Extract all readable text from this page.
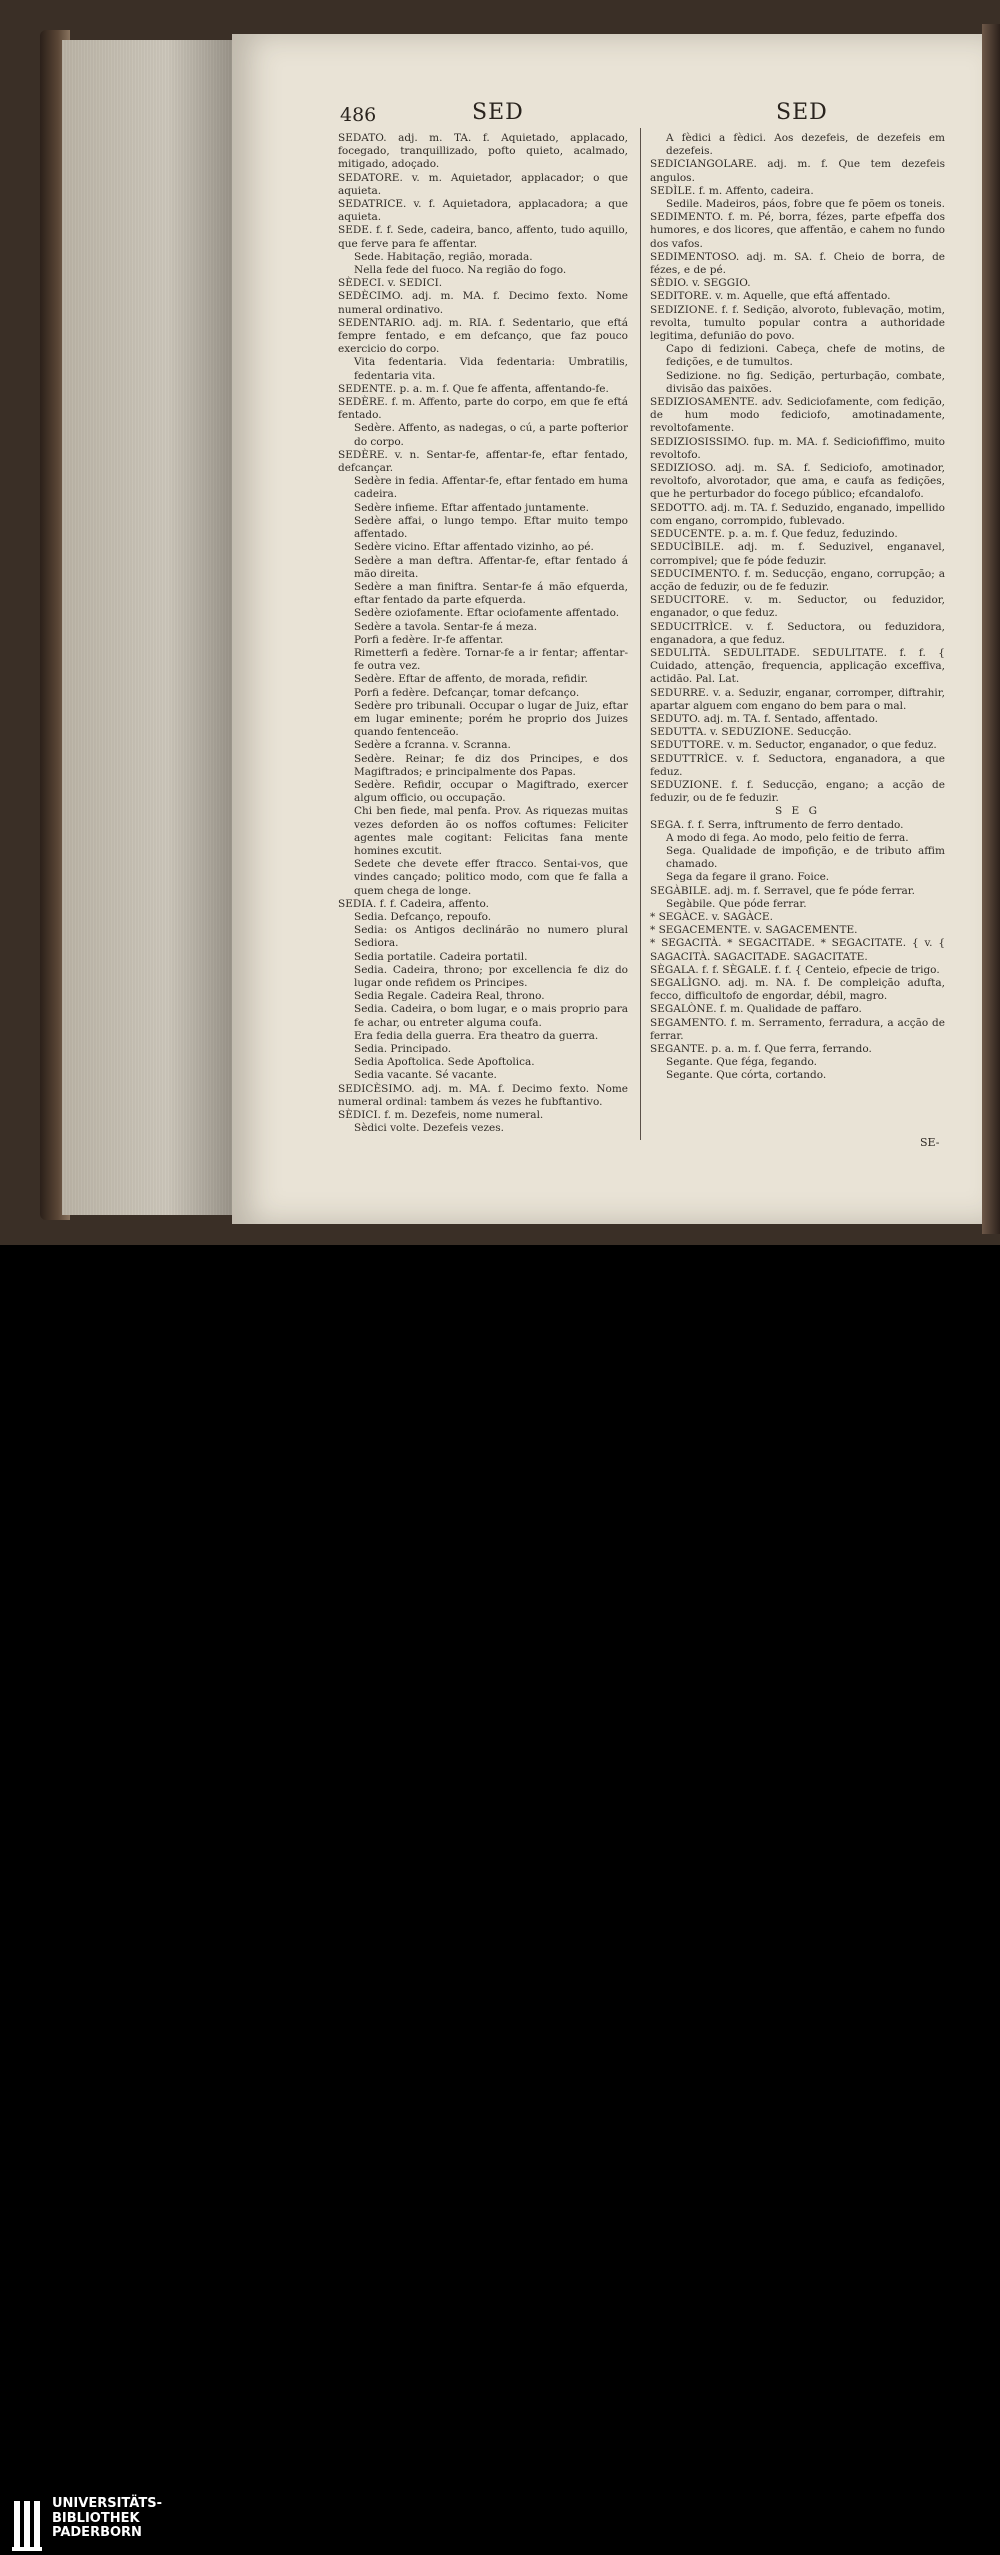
486	SED	SED

SEDATO. adj. m. TA. f. Aquietado, applacado, focegado, tranquillizado, pofto quieto, acalmado, mitigado, adoçado.

SEDATORE. v. m. Aquietador, applacador; o que aquieta.

SEDATRICE. v. f. Aquietadora, applacadora; a que aquieta.

SEDE. f. f. Sede, cadeira, banco, affento, tudo aquillo, que ferve para fe affentar.

Sede. Habitação, região, morada.

Nella fede del fuoco. Na região do fogo.

SÈDECI. v. SEDICI.

SEDÈCIMO. adj. m. MA. f. Decimo fexto. Nome numeral ordinativo.

SEDENTARIO. adj. m. RIA. f. Sedentario, que eftá fempre fentado, e em defcanço, que faz pouco exercicio do corpo.

Vita fedentaria. Vida fedentaria: Umbratilis, fedentaria vita.

SEDENTE. p. a. m. f. Que fe affenta, affentando-fe.

SEDÈRE. f. m. Affento, parte do corpo, em que fe eftá fentado.

Sedère. Affento, as nadegas, o cú, a parte pofterior do corpo.

SEDÈRE. v. n. Sentar-fe, affentar-fe, eftar fentado, defcançar.

Sedère in fedia. Affentar-fe, eftar fentado em huma cadeira.

Sedère infieme. Eftar affentado juntamente.

Sedère affai, o lungo tempo. Eftar muito tempo affentado.

Sedère vicino. Eftar affentado vizinho, ao pé.

Sedère a man deftra. Affentar-fe, eftar fentado á mão direita.

Sedère a man finiftra. Sentar-fe á mão efquerda, eftar fentado da parte efquerda.

Sedère oziofamente. Eftar ociofamente affentado.

Sedère a tavola. Sentar-fe á meza.

Porfi a fedère. Ir-fe affentar.

Rimetterfi a fedère. Tornar-fe a ir fentar; affentar-fe outra vez.

Sedère. Eftar de affento, de morada, refidir.

Porfi a fedère. Defcançar, tomar defcanço.

Sedère pro tribunali. Occupar o lugar de Juiz, eftar em lugar eminente; porém he proprio dos Juizes quando fentenceão.

Sedère a fcranna. v. Scranna.

Sedère. Reinar; fe diz dos Principes, e dos Magiftrados; e principalmente dos Papas.

Sedère. Refidir, occupar o Magiftrado, exercer algum officio, ou occupação.

Chi ben fiede, mal penfa. Prov. As riquezas muitas vezes deforden ão os noffos coftumes: Feliciter agentes male cogitant: Felicitas fana mente homines excutit.

Sedete che devete effer ftracco. Sentai-vos, que vindes cançado; politico modo, com que fe falla a quem chega de longe.

SEDIA. f. f. Cadeira, affento.

Sedia. Defcanço, repoufo.

Sedia: os Antigos declinárão no numero plural Sediora.

Sedia portatile. Cadeira portatil.

Sedia. Cadeira, throno; por excellencia fe diz do lugar onde refidem os Principes.

Sedia Regale. Cadeira Real, throno.

Sedia. Cadeira, o bom lugar, e o mais proprio para fe achar, ou entreter alguma coufa.

Era fedia della guerra. Era theatro da guerra.

Sedia. Principado.

Sedia Apoftolica. Sede Apoftolica.

Sedia vacante. Sé vacante.

SEDICÈSIMO. adj. m. MA. f. Decimo fexto. Nome numeral ordinal: tambem ás vezes he fubftantivo.

SÈDICI. f. m. Dezefeis, nome numeral.

Sèdici volte. Dezefeis vezes.

A fèdici a fèdici. Aos dezefeis, de dezefeis em dezefeis.

SEDICIANGOLARE. adj. m. f. Que tem dezefeis angulos.

SEDÌLE. f. m. Affento, cadeira.

Sedile. Madeiros, páos, fobre que fe põem os toneis.

SEDIMENTO. f. m. Pé, borra, fézes, parte efpeffa dos humores, e dos licores, que affentão, e cahem no fundo dos vafos.

SEDIMENTOSO. adj. m. SA. f. Cheio de borra, de fézes, e de pé.

SÈDIO. v. SEGGIO.

SEDITORE. v. m. Aquelle, que eftá affentado.

SEDIZIONE. f. f. Sedição, alvoroto, fublevação, motim, revolta, tumulto popular contra a authoridade legitima, defunião do povo.

Capo di fedizioni. Cabeça, chefe de motins, de fedições, e de tumultos.

Sedizione. no fig. Sedição, perturbação, combate, divisão das paixões.

SEDIZIOSAMENTE. adv. Sediciofamente, com fedição, de hum modo fediciofo, amotinadamente, revoltofamente.

SEDIZIOSISSIMO. fup. m. MA. f. Sediciofiffimo, muito revoltofo.

SEDIZIOSO. adj. m. SA. f. Sediciofo, amotinador, revoltofo, alvorotador, que ama, e caufa as fedições, que he perturbador do focego público; efcandalofo.

SEDOTTO. adj. m. TA. f. Seduzido, enganado, impellido com engano, corrompido, fublevado.

SEDUCENTE. p. a. m. f. Que feduz, feduzindo.

SEDUCÌBILE. adj. m. f. Seduzivel, enganavel, corrompivel; que fe póde feduzir.

SEDUCIMENTO. f. m. Seducção, engano, corrupção; a acção de feduzir, ou de fe feduzir.

SEDUCITORE. v. m. Seductor, ou feduzidor, enganador, o que feduz.

SEDUCITRÌCE. v. f. Seductora, ou feduzidora, enganadora, a que feduz.

SEDULITÀ. SEDULITADE. SEDULITATE. f. f. { Cuidado, attenção, frequencia, applicação exceffiva, actidão. Pal. Lat.

SEDURRE. v. a. Seduzir, enganar, corromper, diftrahir, apartar alguem com engano do bem para o mal.

SEDUTO. adj. m. TA. f. Sentado, affentado.

SEDUTTA. v. SEDUZIONE. Seducção.

SEDUTTORE. v. m. Seductor, enganador, o que feduz.

SEDUTTRÌCE. v. f. Seductora, enganadora, a que feduz.

SEDUZIONE. f. f. Seducção, engano; a acção de feduzir, ou de fe feduzir.

S E G

SEGA. f. f. Serra, inftrumento de ferro dentado.

A modo di fega. Ao modo, pelo feitio de ferra.

Sega. Qualidade de impofição, e de tributo affim chamado.

Sega da fegare il grano. Foice.

SEGÀBILE. adj. m. f. Serravel, que fe póde ferrar.

Segàbile. Que póde ferrar.

* SEGÀCE. v. SAGÀCE.

* SEGACEMENTE. v. SAGACEMENTE.

* SEGACITÀ. * SEGACITADE. * SEGACITATE. { v. { SAGACITÀ. SAGACITADE. SAGACITATE.

SÈGALA. f. f. SÈGALE. f. f. { Centeio, efpecie de trigo.

SEGALÌGNO. adj. m. NA. f. De compleição adufta, fecco, difficultofo de engordar, débil, magro.

SEGALÒNE. f. m. Qualidade de paffaro.

SEGAMENTO. f. m. Serramento, ferradura, a acção de ferrar.

SEGANTE. p. a. m. f. Que ferra, ferrando.

Segante. Que féga, fegando.

Segante. Que córta, cortando.

SE-
UNIVERSITÄTS-
BIBLIOTHEK
PADERBORN
